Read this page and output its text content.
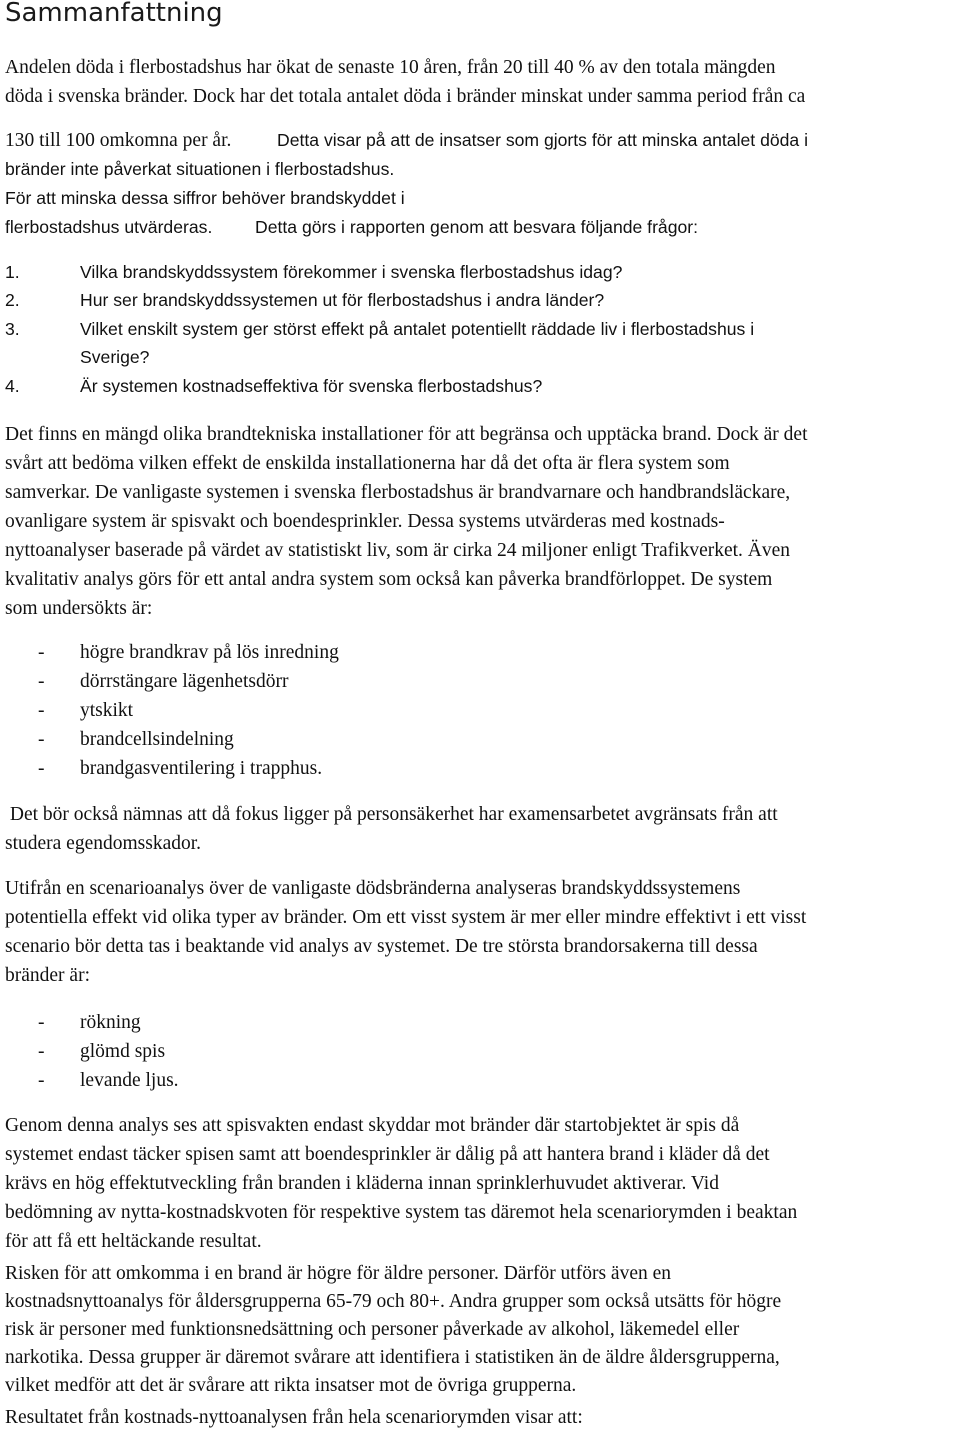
Sammanfattning

Andelen döda i flerbostadshus har ökat de senaste 10 åren, från 20 till 40 % av den totala mängden

döda i svenska bränder. Dock har det totala antalet döda i bränder minskat under samma period från ca

130 till 100 omkomna per år.	Detta visar på att de insatser som gjorts för att minska antalet döda i

bränder inte påverkat situationen i flerbostadshus.

För att minska dessa siffror behöver brandskyddet i
flerbostadshus utvärderas. Detta görs i rapporten genom att besvara följande frågor:
1.	Vilka brandskyddssystem förekommer i svenska flerbostadshus idag?
2.	Hur ser brandskyddssystemen ut för flerbostadshus i andra länder?
3.	Vilket enskilt system ger störst effekt på antalet potentiellt räddade liv i flerbostadshus i
Sverige?
4.	Är systemen kostnadseffektiva för svenska flerbostadshus?

Det finns en mängd olika brandtekniska installationer för att begränsa och upptäcka brand. Dock är det

svårt att bedöma vilken effekt de enskilda installationerna har då det ofta är flera system som

samverkar. De vanligaste systemen i svenska flerbostadshus är brandvarnare och handbrandsläckare,

ovanligare system är spisvakt och boendesprinkler. Dessa systems utvärderas med kostnads-

nyttoanalyser baserade på värdet av statistiskt liv, som är cirka 24 miljoner enligt Trafikverket. Även

kvalitativ analys görs för ett antal andra system som också kan påverka brandförloppet. De system

som undersökts är:

- högre brandkrav på lös inredning
- dörrstängare lägenhetsdörr
- ytskikt
- brandcellsindelning
- brandgasventilering i trapphus.

Det bör också nämnas att då fokus ligger på personsäkerhet har examensarbetet avgränsats från att

studera egendomsskador.

Utifrån en scenarioanalys över de vanligaste dödsbränderna analyseras brandskyddssystemens

potentiella effekt vid olika typer av bränder. Om ett visst system är mer eller mindre effektivt i ett visst

scenario bör detta tas i beaktande vid analys av systemet. De tre största brandorsakerna till dessa

bränder är:

- rökning
- glömd spis
- levande ljus.

Genom denna analys ses att spisvakten endast skyddar mot bränder där startobjektet är spis då

systemet endast täcker spisen samt att boendesprinkler är dålig på att hantera brand i kläder då det

krävs en hög effektutveckling från branden i kläderna innan sprinklerhuvudet aktiverar. Vid

bedömning av nytta-kostnadskvoten för respektive system tas däremot hela scenariorymden i beaktan

för att få ett heltäckande resultat.

Risken för att omkomma i en brand är högre för äldre personer. Därför utförs även en

kostnadsnyttoanalys för åldersgrupperna 65-79 och 80+. Andra grupper som också utsätts för högre

risk är personer med funktionsnedsättning och personer påverkade av alkohol, läkemedel eller

narkotika. Dessa grupper är däremot svårare att identifiera i statistiken än de äldre åldersgrupperna,

vilket medför att det är svårare att rikta insatser mot de övriga grupperna.

Resultatet från kostnads-nyttoanalysen från hela scenariorymden visar att:
